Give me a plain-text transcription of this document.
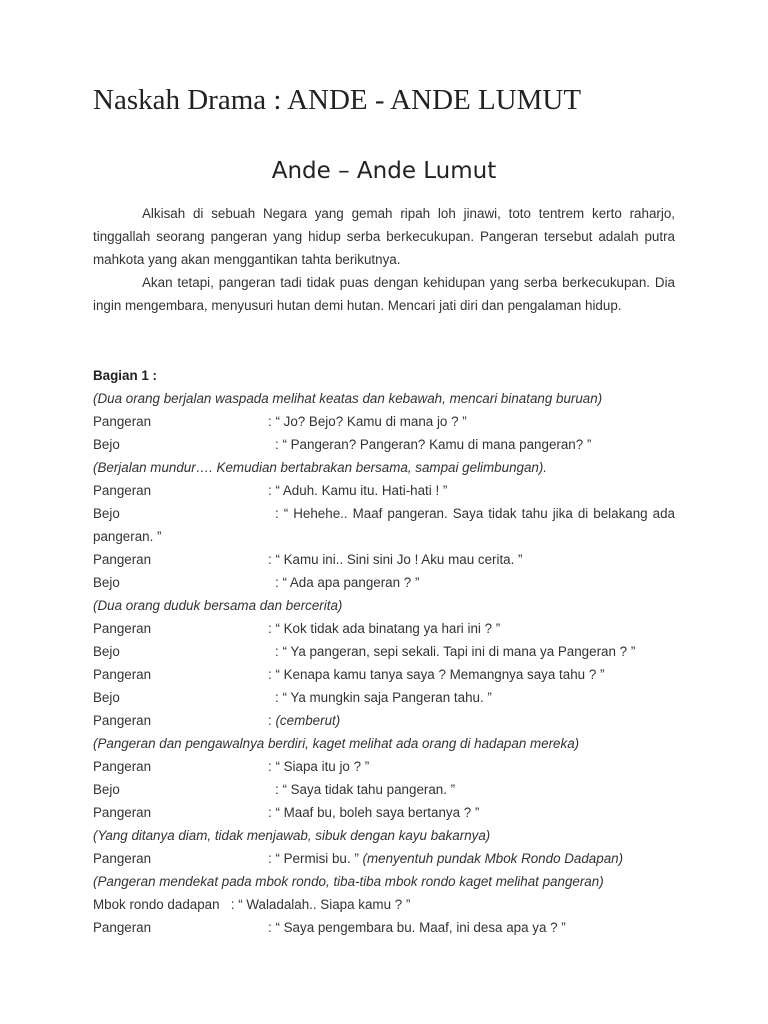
Naskah Drama : ANDE - ANDE LUMUT
Ande – Ande Lumut

Alkisah di sebuah Negara yang gemah ripah loh jinawi, toto tentrem kerto raharjo, tinggallah seorang pangeran yang hidup serba berkecukupan. Pangeran tersebut adalah putra mahkota yang akan menggantikan tahta berikutnya.

Akan tetapi, pangeran tadi tidak puas dengan kehidupan yang serba berkecukupan. Dia ingin mengembara, menyusuri hutan demi hutan. Mencari jati diri dan pengalaman hidup.

Bagian 1 :
(Dua orang berjalan waspada melihat keatas dan kebawah, mencari binatang buruan)
Pangeran	: “ Jo? Bejo? Kamu di mana jo ? ”
Bejo	: “ Pangeran? Pangeran? Kamu di mana pangeran? ”
(Berjalan mundur…. Kemudian bertabrakan bersama, sampai gelimbungan).
Pangeran	: “ Aduh. Kamu itu. Hati-hati ! ”
Bejo	: “ Hehehe.. Maaf pangeran. Saya tidak tahu jika di belakang ada pangeran. ”
Pangeran	: “ Kamu ini.. Sini sini Jo ! Aku mau cerita. ”
Bejo	: “ Ada apa pangeran ? ”
(Dua orang duduk bersama dan bercerita)
Pangeran	: “ Kok tidak ada binatang ya hari ini ? ”
Bejo	: “ Ya pangeran, sepi sekali. Tapi ini di mana ya Pangeran ? ”
Pangeran	: “ Kenapa kamu tanya saya ? Memangnya saya tahu ? ”
Bejo	: “ Ya mungkin saja Pangeran tahu. ”
Pangeran	: (cemberut)
(Pangeran dan pengawalnya berdiri, kaget melihat ada orang di hadapan mereka)
Pangeran	: “ Siapa itu jo ? ”
Bejo	: “ Saya tidak tahu pangeran. ”
Pangeran	: “ Maaf bu, boleh saya bertanya ? ”
(Yang ditanya diam, tidak menjawab, sibuk dengan kayu bakarnya)
Pangeran	: “ Permisi bu. ” (menyentuh pundak Mbok Rondo Dadapan)
(Pangeran mendekat pada mbok rondo, tiba-tiba mbok rondo kaget melihat pangeran)
Mbok rondo dadapan : “ Waladalah.. Siapa kamu ? ”
Pangeran	: “ Saya pengembara bu. Maaf, ini desa apa ya ? ”
